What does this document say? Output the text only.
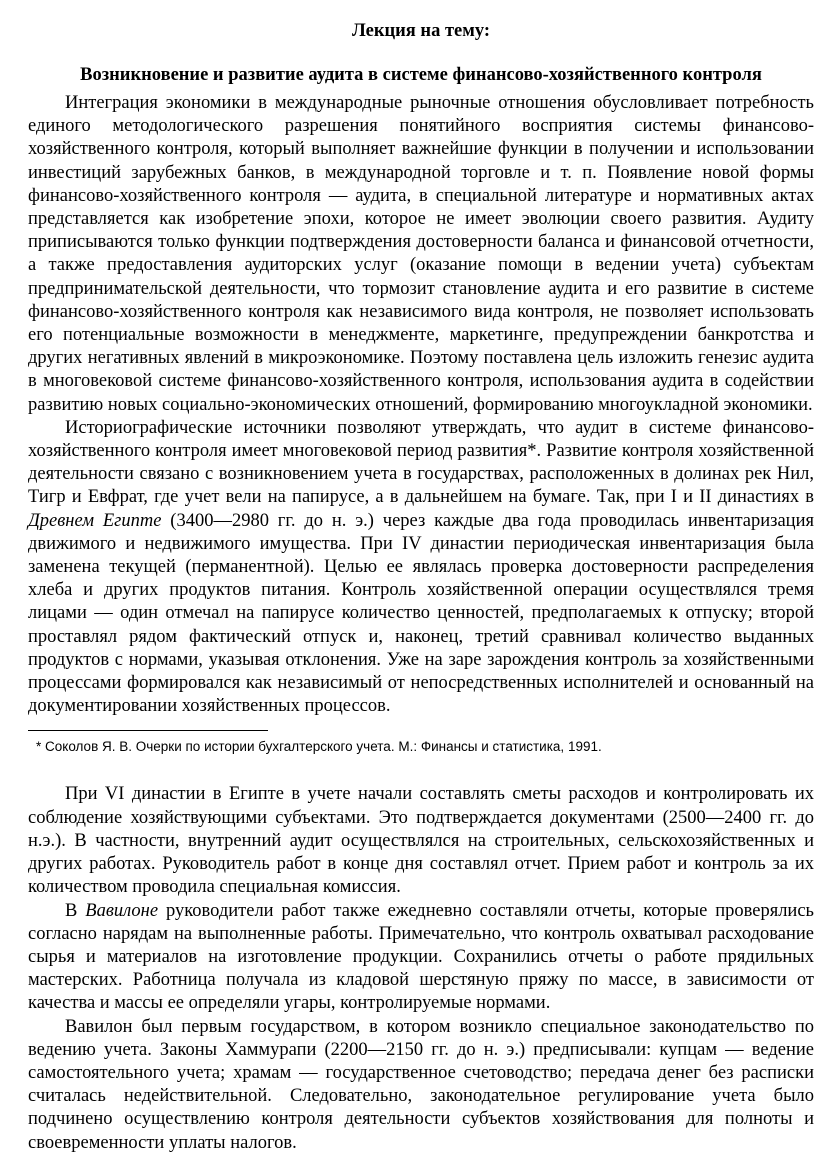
Лекция на тему:
Возникновение и развитие аудита в системе финансово-хозяйственного контроля

Интеграция экономики в международные рыночные отношения обусловливает потребность единого методологического разрешения понятийного восприятия системы финансово-хозяйственного контроля, который выполняет важнейшие функции в получении и использовании инвестиций зарубежных банков, в международной торговле и т. п. Появление новой формы финансово-хозяйственного контроля — аудита, в специальной литературе и нормативных актах представляется как изобретение эпохи, которое не имеет эволюции своего развития. Аудиту приписываются только функции подтверждения достоверности баланса и финансовой отчетности, а также предоставления аудиторских услуг (оказание помощи в ведении учета) субъектам предпринимательской деятельности, что тормозит становление аудита и его развитие в системе финансово-хозяйственного контроля как независимого вида контроля, не позволяет использовать его потенциальные возможности в менеджменте, маркетинге, предупреждении банкротства и других негативных явлений в микроэкономике. Поэтому поставлена цель изложить генезис аудита в многовековой системе финансово-хозяйственного контроля, использования аудита в содействии развитию новых социально-экономических отношений, формированию многоукладной экономики.

Историографические источники позволяют утверждать, что аудит в системе финансово-хозяйственного контроля имеет многовековой период развития*. Развитие контроля хозяйственной деятельности связано с возникновением учета в государствах, расположенных в долинах рек Нил, Тигр и Евфрат, где учет вели на папирусе, а в дальнейшем на бумаге. Так, при I и II династиях в Древнем Египте (3400—2980 гг. до н. э.) через каждые два года проводилась инвентаризация движимого и недвижимого имущества. При IV династии периодическая инвентаризация была заменена текущей (перманентной). Целью ее являлась проверка достоверности распределения хлеба и других продуктов питания. Контроль хозяйственной операции осуществлялся тремя лицами — один отмечал на папирусе количество ценностей, предполагаемых к отпуску; второй проставлял рядом фактический отпуск и, наконец, третий сравнивал количество выданных продуктов с нормами, указывая отклонения. Уже на заре зарождения контроль за хозяйственными процессами формировался как независимый от непосредственных исполнителей и основанный на документировании хозяйственных процессов.

* Соколов Я. В. Очерки по истории бухгалтерского учета. М.: Финансы и статистика, 1991.

При VI династии в Египте в учете начали составлять сметы расходов и контролировать их соблюдение хозяйствующими субъектами. Это подтверждается документами (2500—2400 гг. до н.э.). В частности, внутренний аудит осуществлялся на строительных, сельскохозяйственных и других работах. Руководитель работ в конце дня составлял отчет. Прием работ и контроль за их количеством проводила специальная комиссия.

В Вавилоне руководители работ также ежедневно составляли отчеты, которые проверялись согласно нарядам на выполненные работы. Примечательно, что контроль охватывал расходование сырья и материалов на изготовление продукции. Сохранились отчеты о работе прядильных мастерских. Работница получала из кладовой шерстяную пряжу по массе, в зависимости от качества и массы ее определяли угары, контролируемые нормами.

Вавилон был первым государством, в котором возникло специальное законодательство по ведению учета. Законы Хаммурапи (2200—2150 гг. до н. э.) предписывали: купцам — ведение самостоятельного учета; храмам — государственное счетоводство; передача денег без расписки считалась недействительной. Следовательно, законодательное регулирование учета было подчинено осуществлению контроля деятельности субъектов хозяйствования для полноты и своевременности уплаты налогов.
